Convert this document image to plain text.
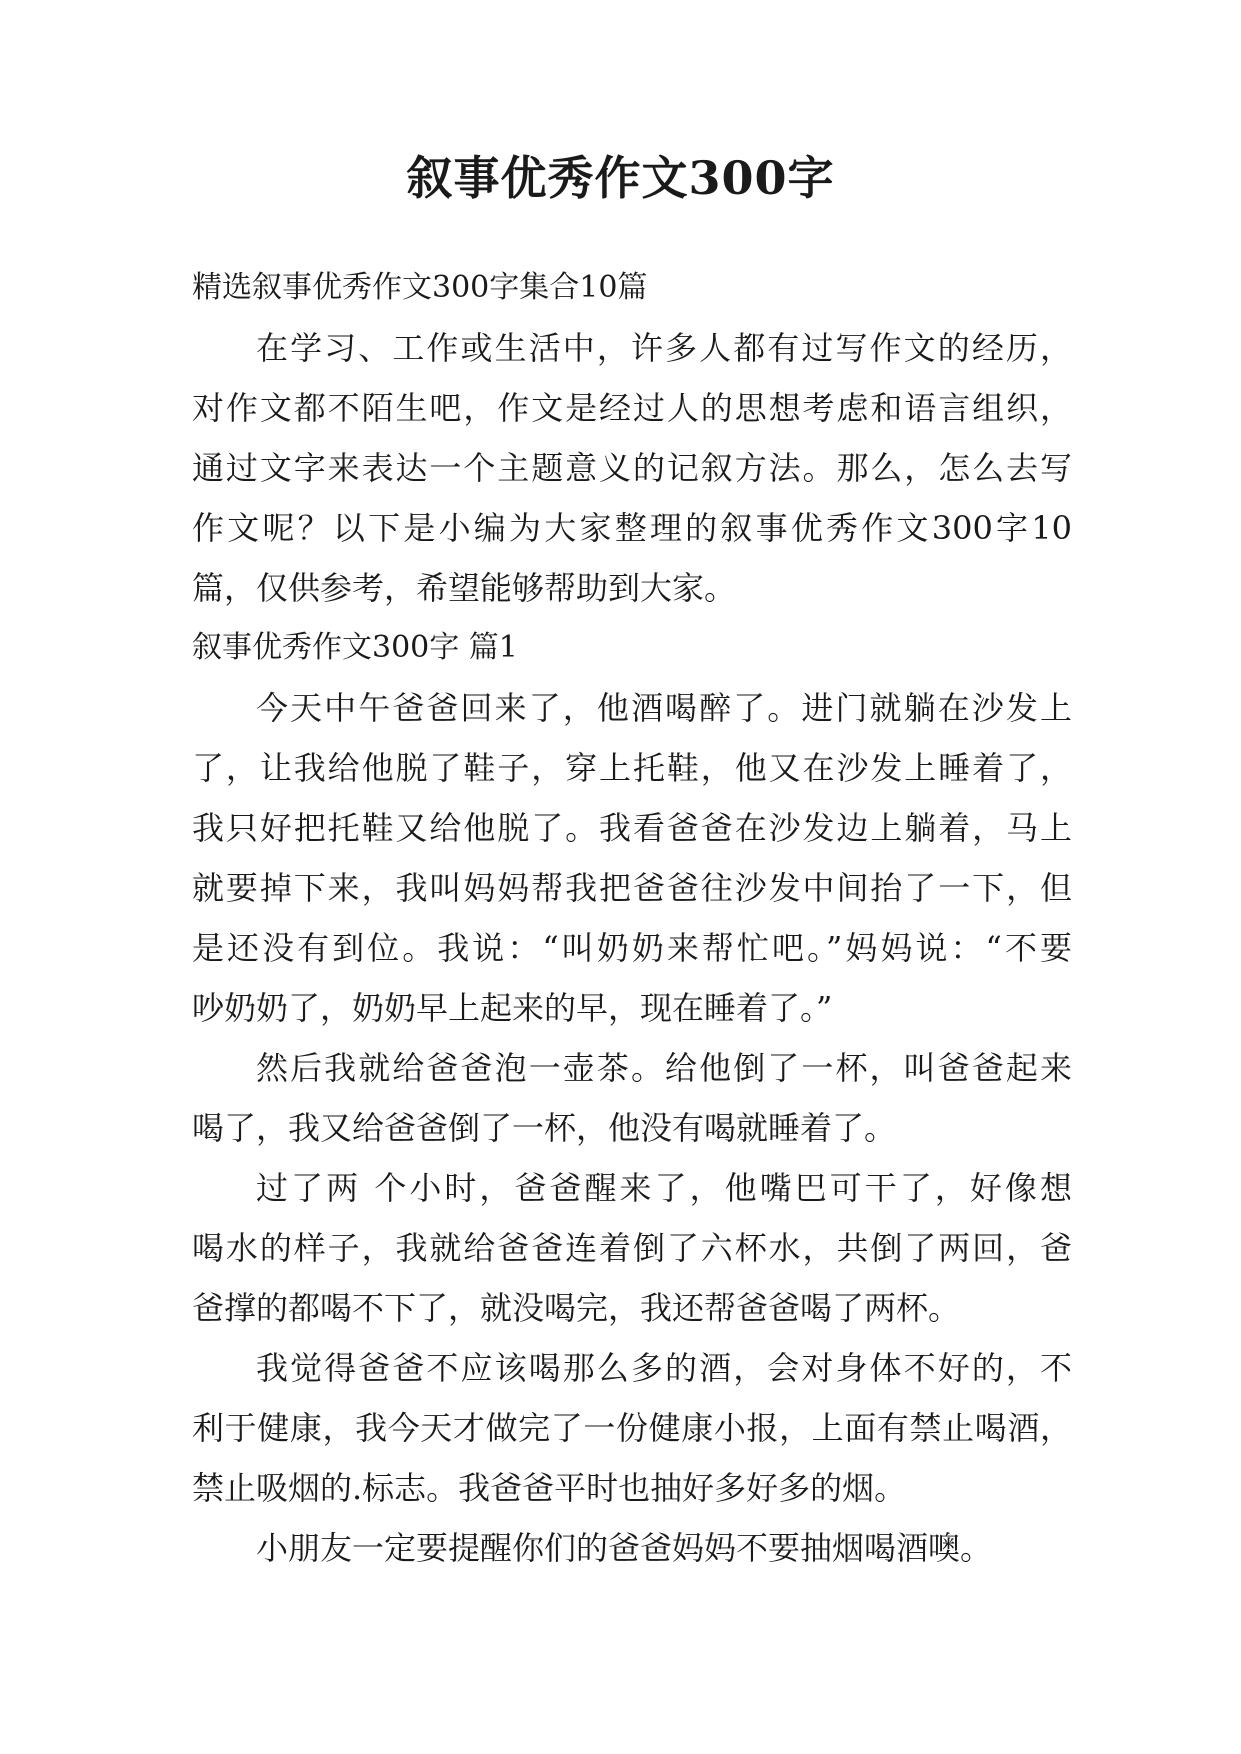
叙事优秀作文300字
精选叙事优秀作文300字集合10篇
在学习、工作或生活中，许多人都有过写作文的经历，
对作文都不陌生吧，作文是经过人的思想考虑和语言组织，
通过文字来表达一个主题意义的记叙方法。那么，怎么去写
作文呢？以下是小编为大家整理的叙事优秀作文300字10
篇，仅供参考，希望能够帮助到大家。
叙事优秀作文300字 篇1
今天中午爸爸回来了，他酒喝醉了。进门就躺在沙发上
了，让我给他脱了鞋子，穿上托鞋，他又在沙发上睡着了，
我只好把托鞋又给他脱了。我看爸爸在沙发边上躺着，马上
就要掉下来，我叫妈妈帮我把爸爸往沙发中间抬了一下，但
是还没有到位。我说：“叫奶奶来帮忙吧。”妈妈说：“不要
吵奶奶了，奶奶早上起来的早，现在睡着了。”
然后我就给爸爸泡一壶茶。给他倒了一杯，叫爸爸起来
喝了，我又给爸爸倒了一杯，他没有喝就睡着了。
过了两 个小时，爸爸醒来了，他嘴巴可干了，好像想
喝水的样子，我就给爸爸连着倒了六杯水，共倒了两回，爸
爸撑的都喝不下了，就没喝完，我还帮爸爸喝了两杯。
我觉得爸爸不应该喝那么多的酒，会对身体不好的，不
利于健康，我今天才做完了一份健康小报，上面有禁止喝酒，
禁止吸烟的.标志。我爸爸平时也抽好多好多的烟。
小朋友一定要提醒你们的爸爸妈妈不要抽烟喝酒噢。
